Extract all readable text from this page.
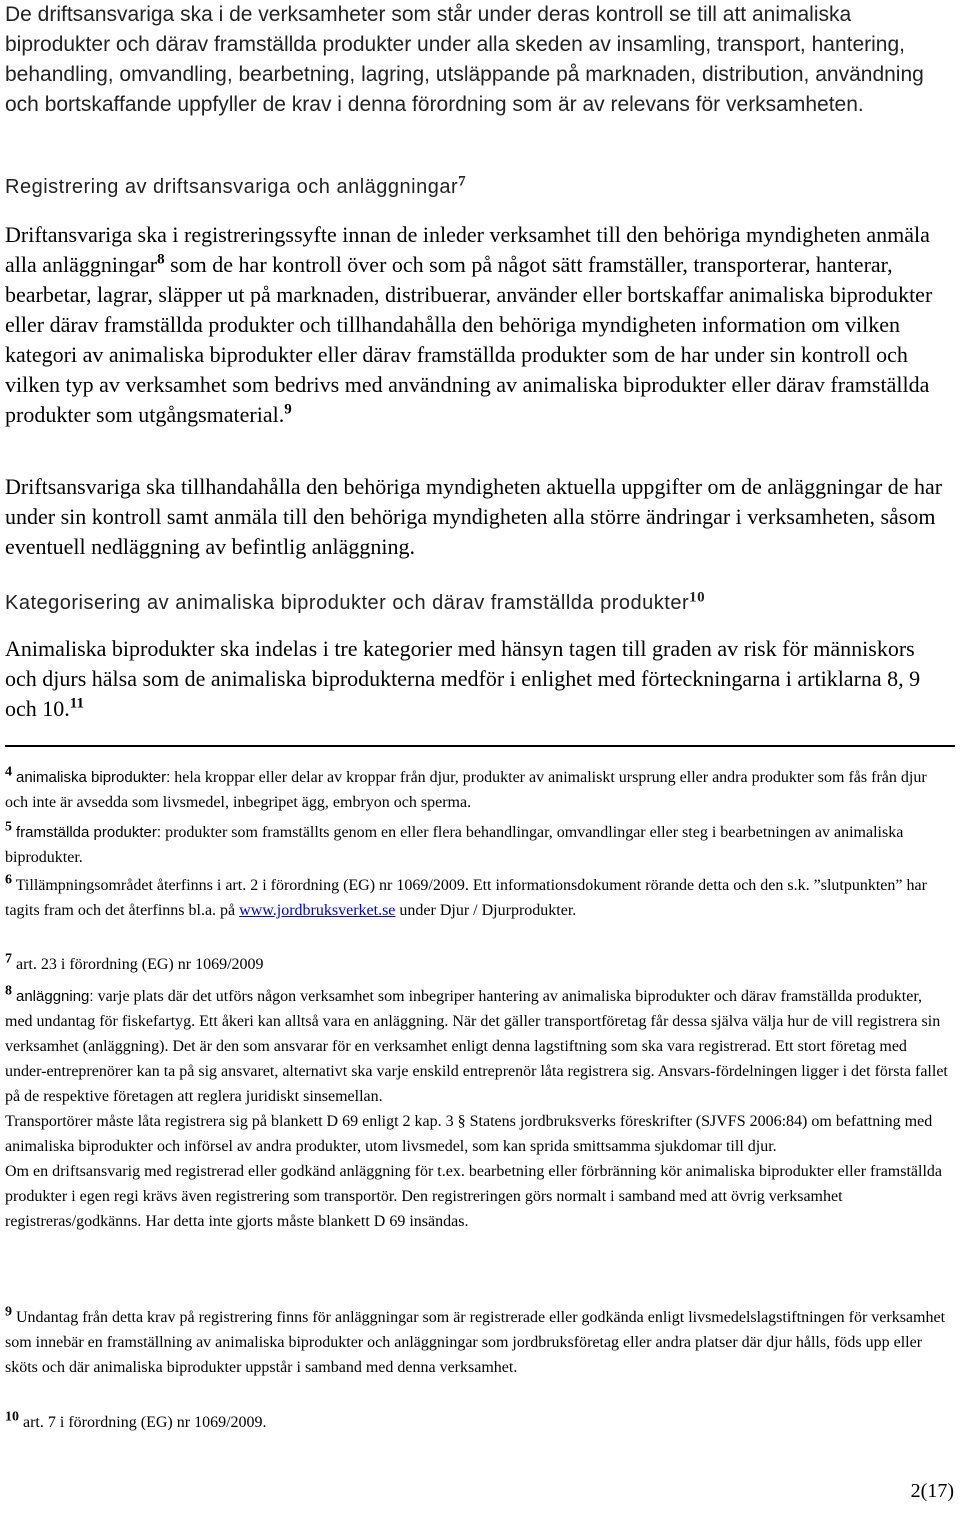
De driftsansvariga ska i de verksamheter som står under deras kontroll se till att animaliska biprodukter och därav framställda produkter under alla skeden av insamling, transport, hantering, behandling, omvandling, bearbetning, lagring, utsläppande på marknaden, distribution, användning och bortskaffande uppfyller de krav i denna förordning som är av relevans för verksamheten.

Registrering av driftsansvariga och anläggningar$^7$

Driftansvariga ska i registreringssyfte innan de inleder verksamhet till den behöriga myndigheten anmäla alla anläggningar$^8$ som de har kontroll över och som på något sätt framställer, transporterar, hanterar, bearbetar, lagrar, släpper ut på marknaden, distribuerar, använder eller bortskaffar animaliska biprodukter eller därav framställda produkter och tillhandahålla den behöriga myndigheten information om vilken kategori av animaliska biprodukter eller därav framställda produkter som de har under sin kontroll och vilken typ av verksamhet som bedrivs med användning av animaliska biprodukter eller därav framställda produkter som utgångsmaterial.$^9$

Driftsansvariga ska tillhandahålla den behöriga myndigheten aktuella uppgifter om de anläggningar de har under sin kontroll samt anmäla till den behöriga myndigheten alla större ändringar i verksamheten, såsom eventuell nedläggning av befintlig anläggning.

Kategorisering av animaliska biprodukter och därav framställda produkter$^{10}$

Animaliska biprodukter ska indelas i tre kategorier med hänsyn tagen till graden av risk för människors och djurs hälsa som de animaliska biprodukterna medför i enlighet med förteckningarna i artiklarna 8, 9 och 10.11

4 animaliska biprodukter: hela kroppar eller delar av kroppar från djur, produkter av animaliskt ursprung eller andra produkter som fås från djur och inte är avsedda som livsmedel, inbegripet ägg, embryon och sperma.

5 framställda produkter: produkter som framställts genom en eller flera behandlingar, omvandlingar eller steg i bearbetningen av animaliska biprodukter.

6 Tillämpningsområdet återfinns i art. 2 i förordning (EG) nr 1069/2009. Ett informationsdokument rörande detta och den s.k. ”slutpunkten” har tagits fram och det återfinns bl.a. på www.jordbruksverket.se under Djur / Djurprodukter.

7 art. 23 i förordning (EG) nr 1069/2009

8 anläggning: varje plats där det utförs någon verksamhet som inbegriper hantering av animaliska biprodukter och därav framställda produkter, med undantag för fiskefartyg. Ett åkeri kan alltså vara en anläggning. När det gäller transportföretag får dessa själva välja hur de vill registrera sin verksamhet (anläggning). Det är den som ansvarar för en verksamhet enligt denna lagstiftning som ska vara registrerad. Ett stort företag med under-entreprenörer kan ta på sig ansvaret, alternativt ska varje enskild entreprenör låta registrera sig. Ansvars-fördelningen ligger i det första fallet på de respektive företagen att reglera juridiskt sinsemellan.
Transportörer måste låta registrera sig på blankett D 69 enligt 2 kap. 3 § Statens jordbruksverks föreskrifter (SJVFS 2006:84) om befattning med animaliska biprodukter och införsel av andra produkter, utom livsmedel, som kan sprida smittsamma sjukdomar till djur.
Om en driftsansvarig med registrerad eller godkänd anläggning för t.ex. bearbetning eller förbränning kör animaliska biprodukter eller framställda produkter i egen regi krävs även registrering som transportör. Den registreringen görs normalt i samband med att övrig verksamhet registreras/godkänns. Har detta inte gjorts måste blankett D 69 insändas.

9 Undantag från detta krav på registrering finns för anläggningar som är registrerade eller godkända enligt livsmedelslagstiftningen för verksamhet som innebär en framställning av animaliska biprodukter och anläggningar som jordbruksföretag eller andra platser där djur hålls, föds upp eller sköts och där animaliska biprodukter uppstår i samband med denna verksamhet.

10 art. 7 i förordning (EG) nr 1069/2009.

2(17)
